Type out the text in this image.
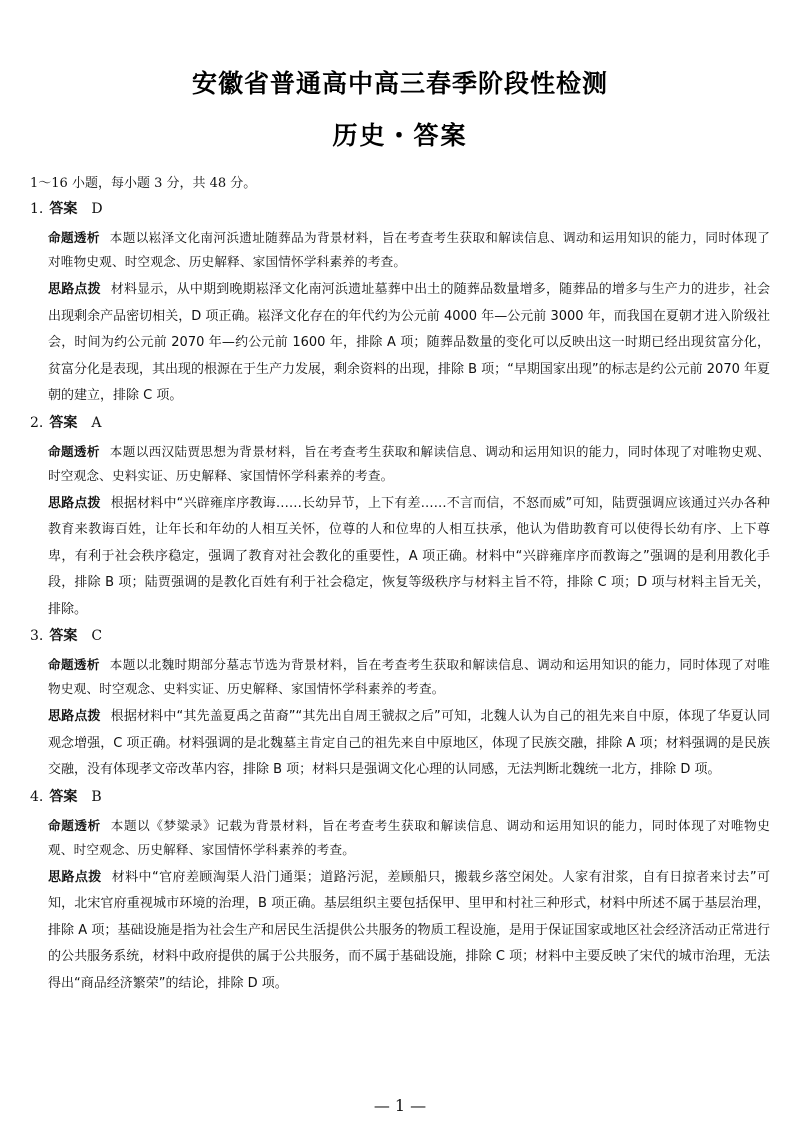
安徽省普通高中高三春季阶段性检测
历史・答案
1～16 小题，每小题 3 分，共 48 分。
1. 答案 D
命题透析 本题以崧泽文化南河浜遗址随葬品为背景材料，旨在考查考生获取和解读信息、调动和运用知识的能力，同时体现了对唯物史观、时空观念、历史解释、家国情怀学科素养的考查。
思路点拨 材料显示，从中期到晚期崧泽文化南河浜遗址墓葬中出土的随葬品数量增多，随葬品的增多与生产力的进步，社会出现剩余产品密切相关，D 项正确。崧泽文化存在的年代约为公元前 4000 年—公元前 3000 年，而我国在夏朝才进入阶级社会，时间为约公元前 2070 年—约公元前 1600 年，排除 A 项；随葬品数量的变化可以反映出这一时期已经出现贫富分化，贫富分化是表现，其出现的根源在于生产力发展，剩余资料的出现，排除 B 项；“早期国家出现”的标志是约公元前 2070 年夏朝的建立，排除 C 项。
2. 答案 A
命题透析 本题以西汉陆贾思想为背景材料，旨在考查考生获取和解读信息、调动和运用知识的能力，同时体现了对唯物史观、时空观念、史料实证、历史解释、家国情怀学科素养的考查。
思路点拨 根据材料中“兴辟雍庠序教诲……长幼异节，上下有差……不言而信，不怒而威”可知，陆贾强调应该通过兴办各种教育来教诲百姓，让年长和年幼的人相互关怀，位尊的人和位卑的人相互扶承，他认为借助教育可以使得长幼有序、上下尊卑，有利于社会秩序稳定，强调了教育对社会教化的重要性，A 项正确。材料中“兴辟雍庠序而教诲之”强调的是利用教化手段，排除 B 项；陆贾强调的是教化百姓有利于社会稳定，恢复等级秩序与材料主旨不符，排除 C 项；D 项与材料主旨无关，排除。
3. 答案 C
命题透析 本题以北魏时期部分墓志节选为背景材料，旨在考查考生获取和解读信息、调动和运用知识的能力，同时体现了对唯物史观、时空观念、史料实证、历史解释、家国情怀学科素养的考查。
思路点拨 根据材料中“其先盖夏禹之苗裔”“其先出自周王虢叔之后”可知，北魏人认为自己的祖先来自中原，体现了华夏认同观念增强，C 项正确。材料强调的是北魏墓主肯定自己的祖先来自中原地区，体现了民族交融，排除 A 项；材料强调的是民族交融，没有体现孝文帝改革内容，排除 B 项；材料只是强调文化心理的认同感，无法判断北魏统一北方，排除 D 项。
4. 答案 B
命题透析 本题以《梦粱录》记载为背景材料，旨在考查考生获取和解读信息、调动和运用知识的能力，同时体现了对唯物史观、时空观念、历史解释、家国情怀学科素养的考查。
思路点拨 材料中“官府差顾淘渠人沿门通渠；道路污泥，差顾船只，搬载乡落空闲处。人家有泔浆，自有日掠者来讨去”可知，北宋官府重视城市环境的治理，B 项正确。基层组织主要包括保甲、里甲和村社三种形式，材料中所述不属于基层治理，排除 A 项；基础设施是指为社会生产和居民生活提供公共服务的物质工程设施，是用于保证国家或地区社会经济活动正常进行的公共服务系统，材料中政府提供的属于公共服务，而不属于基础设施，排除 C 项；材料中主要反映了宋代的城市治理，无法得出“商品经济繁荣”的结论，排除 D 项。
— 1 —
